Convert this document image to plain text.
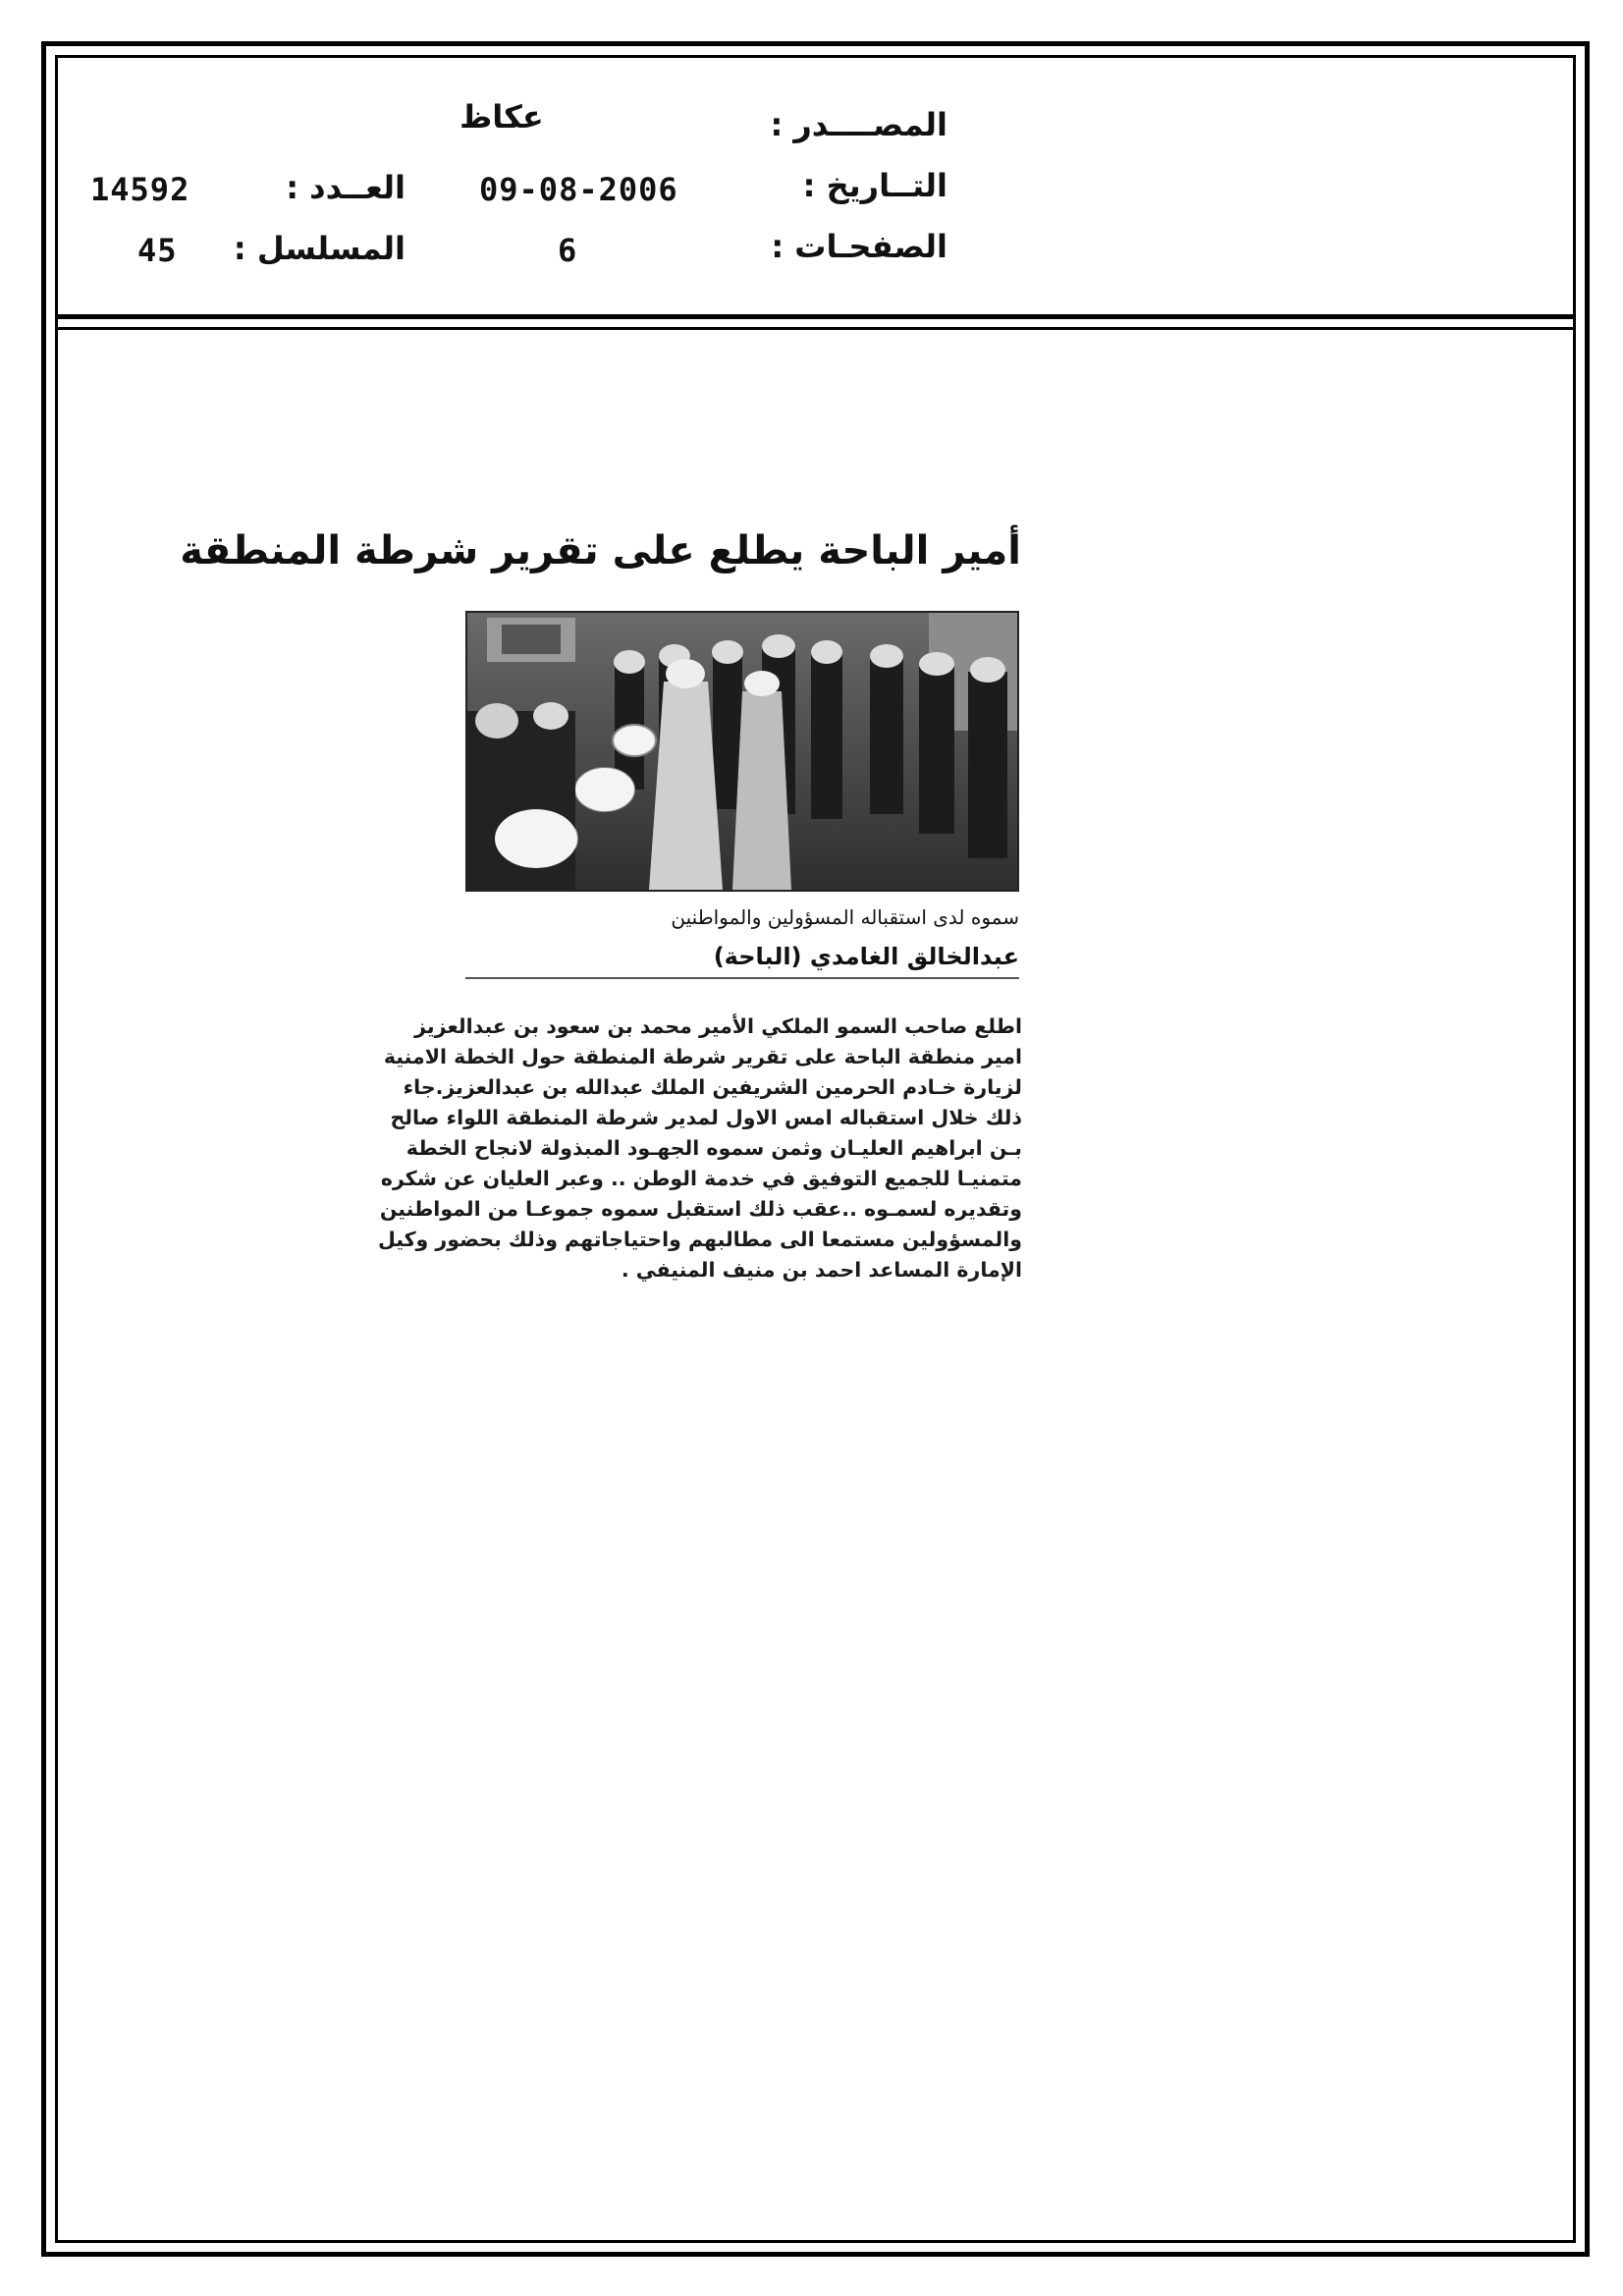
المصــــدر :
عكاظ
التــاريخ :
09-08-2006
العــدد :
14592
الصفحـات :
6
المسلسل :
45
أمير الباحة يطلع على تقرير شرطة المنطقة
سموه لدى استقباله المسؤولين والمواطنين
عبدالخالق الغامدي (الباحة)
اطلع صاحب السمو الملكي الأمير محمد بن سعود بن عبدالعزيز
امير منطقة الباحة على تقرير شرطة المنطقة حول الخطة الامنية
لزيارة خـادم الحرمين الشريفين الملك عبدالله بن عبدالعزيز.جاء
ذلك خلال استقباله امس الاول لمدير شرطة المنطقة اللواء صالح
بـن ابراهيم العليـان وثمن سموه الجهـود المبذولة لانجاح الخطة
متمنيـا للجميع التوفيق في خدمة الوطن .. وعبر العليان عن شكره
وتقديره لسمـوه ..عقب ذلك استقبل سموه جموعـا من المواطنين
والمسؤولين مستمعا الى مطالبهم واحتياجاتهم وذلك بحضور وكيل
الإمارة المساعد احمد بن منيف المنيفي .
